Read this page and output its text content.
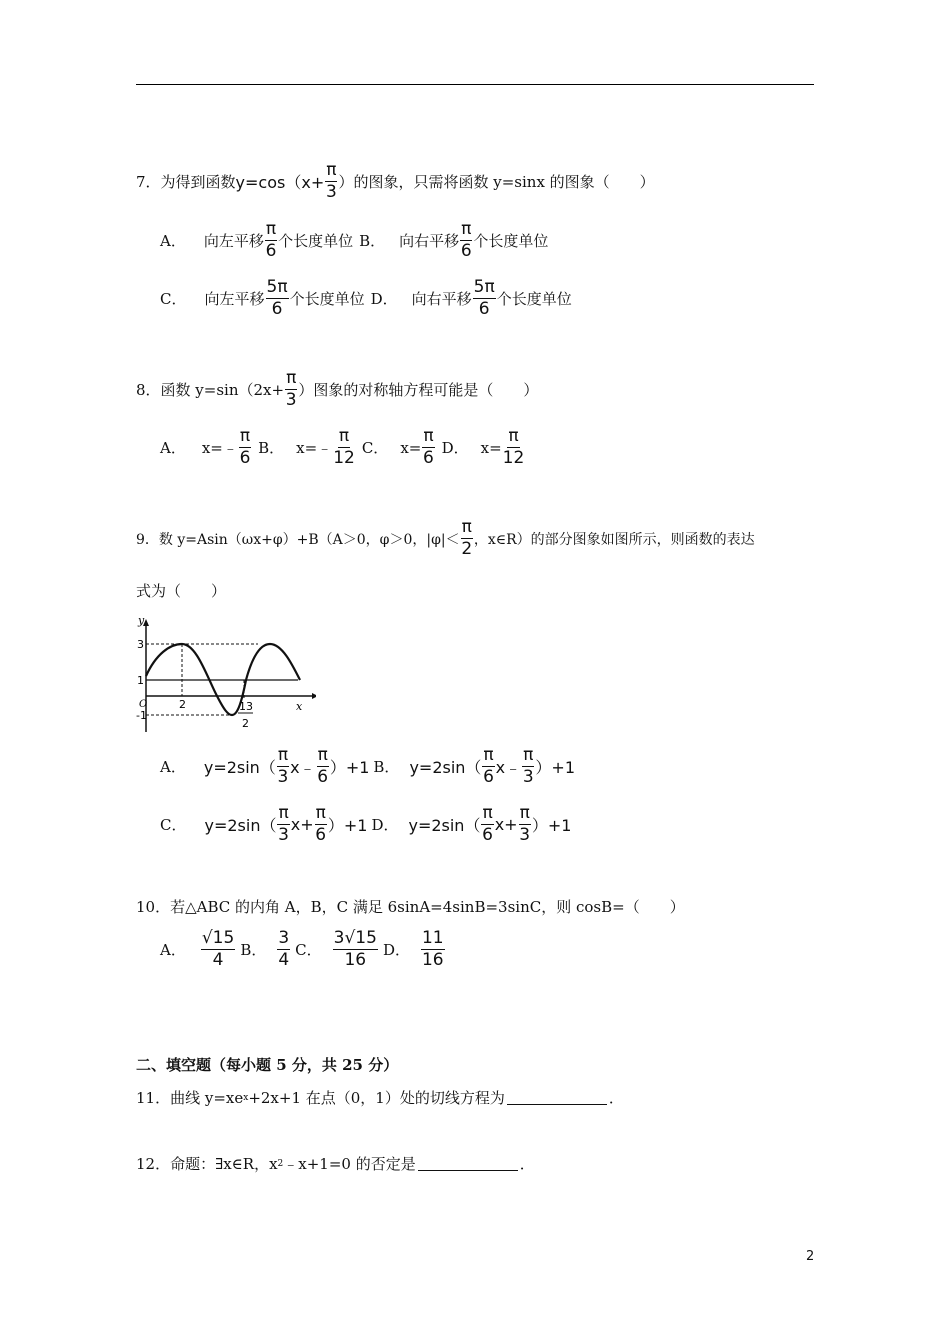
7．为得到函数 $y=\cos(x+ \frac{\pi}{3}$ ）的图象，只需将函数 y=sinx 的图象（　　）
A． 向左平移 $\frac{\pi}{6}$ 个长度单位 B． 向右平移 $\frac{\pi}{6}$ 个长度单位
C． 向左平移 $\frac{5\pi}{6}$ 个长度单位 D． 向右平移 $\frac{5\pi}{6}$ 个长度单位
8．函数 $y=\sin(2x+ \frac{\pi}{3}$ ）图象的对称轴方程可能是（　　）
A． x=﹣ $\frac{\pi}{6}$ B． x=﹣ $\frac{\pi}{12}$ C． $x= \frac{\pi}{6}$ D． $x= \frac{\pi}{12}$
9．数 y=Asin（ωx+φ）+B（A＞0，φ＞0，$|\varphi|< \frac{\pi}{2}$ ，x∈R）的部分图象如图所示，则函数的表达
式为（　　）
y
x
3
1
-1
O	2	13
2
A． $y=2\sin( \frac{\pi}{3}$ x﹣ $\frac{\pi}{6} )+1$ B． $y=2\sin( \frac{\pi}{6}$ x﹣ $\frac{\pi}{3} )+1$
C． $y=2\sin( \frac{\pi}{3} x+ \frac{\pi}{6} )+1$ D． $y=2\sin( \frac{\pi}{6} x+ \frac{\pi}{3} )+1$
10．若△ABC 的内角 A，B，C 满足 6sinA=4sinB=3sinC，则 cosB=（　　）
A． $\frac{√15}{4}$ B． $\frac{3}{4}$ C． $\frac{3√15}{16}$ D． $\frac{11}{16}$
二、填空题（每小题 5 分，共 25 分）
11．曲线 y=xe x +2x+1 在点（0，1）处的切线方程为	．
12．命题：∃x∈R，x 2 ﹣x+1=0 的否定是	．
2
